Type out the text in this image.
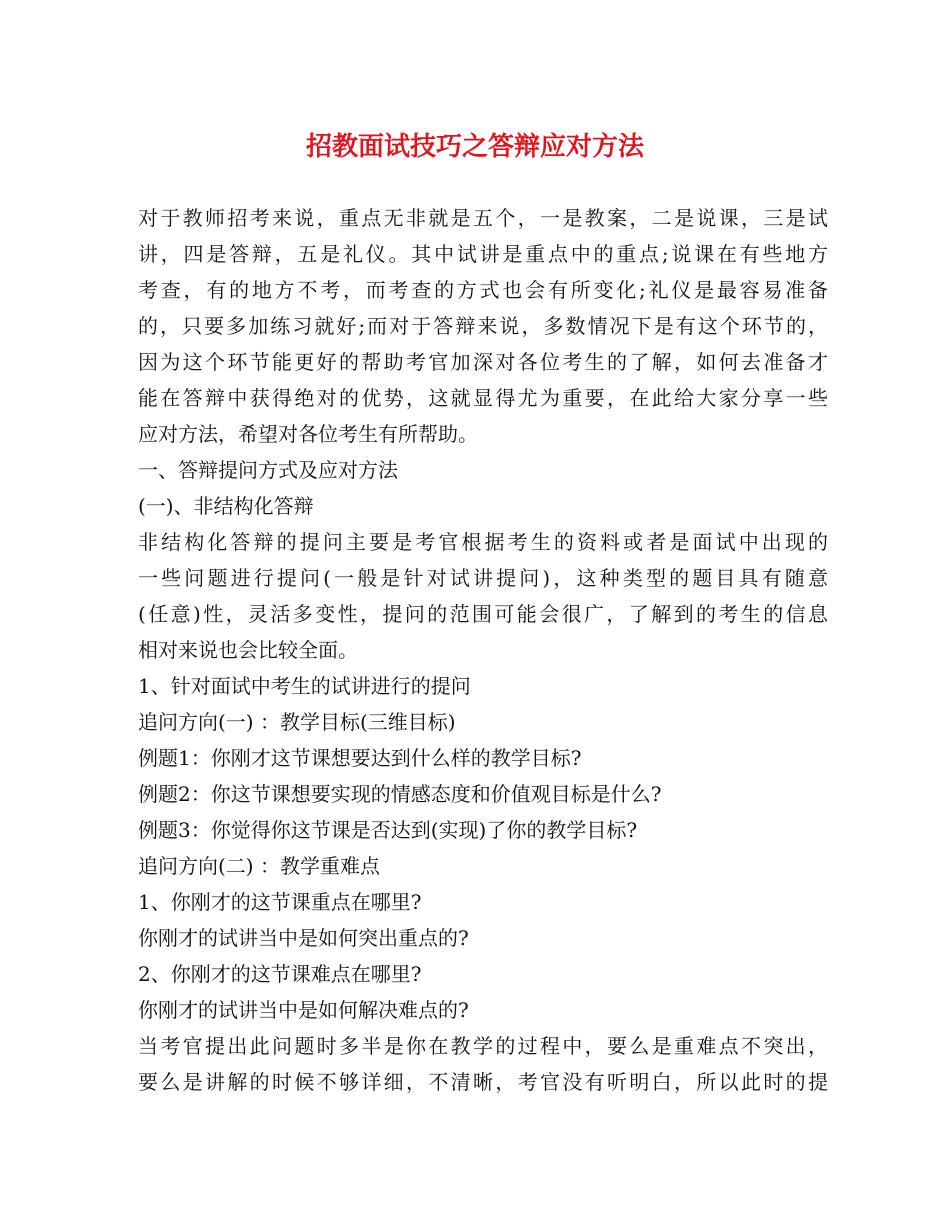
招教面试技巧之答辩应对方法
对于教师招考来说，重点无非就是五个，一是教案，二是说课，三是试
讲，四是答辩，五是礼仪。其中试讲是重点中的重点;说课在有些地方
考查，有的地方不考，而考查的方式也会有所变化;礼仪是最容易准备
的，只要多加练习就好;而对于答辩来说，多数情况下是有这个环节的，
因为这个环节能更好的帮助考官加深对各位考生的了解，如何去准备才
能在答辩中获得绝对的优势，这就显得尤为重要，在此给大家分享一些
应对方法，希望对各位考生有所帮助。
一、答辩提问方式及应对方法
(一)、非结构化答辩
非结构化答辩的提问主要是考官根据考生的资料或者是面试中出现的
一些问题进行提问(一般是针对试讲提问)，这种类型的题目具有随意
(任意)性，灵活多变性，提问的范围可能会很广，了解到的考生的信息
相对来说也会比较全面。
1、针对面试中考生的试讲进行的提问
追问方向(一) ：教学目标(三维目标)
例题1：你刚才这节课想要达到什么样的教学目标?
例题2：你这节课想要实现的情感态度和价值观目标是什么?
例题3：你觉得你这节课是否达到(实现)了你的教学目标?
追问方向(二) ：教学重难点
1、你刚才的这节课重点在哪里?
你刚才的试讲当中是如何突出重点的?
2、你刚才的这节课难点在哪里?
你刚才的试讲当中是如何解决难点的?
当考官提出此问题时多半是你在教学的过程中，要么是重难点不突出，
要么是讲解的时候不够详细，不清晰，考官没有听明白，所以此时的提
